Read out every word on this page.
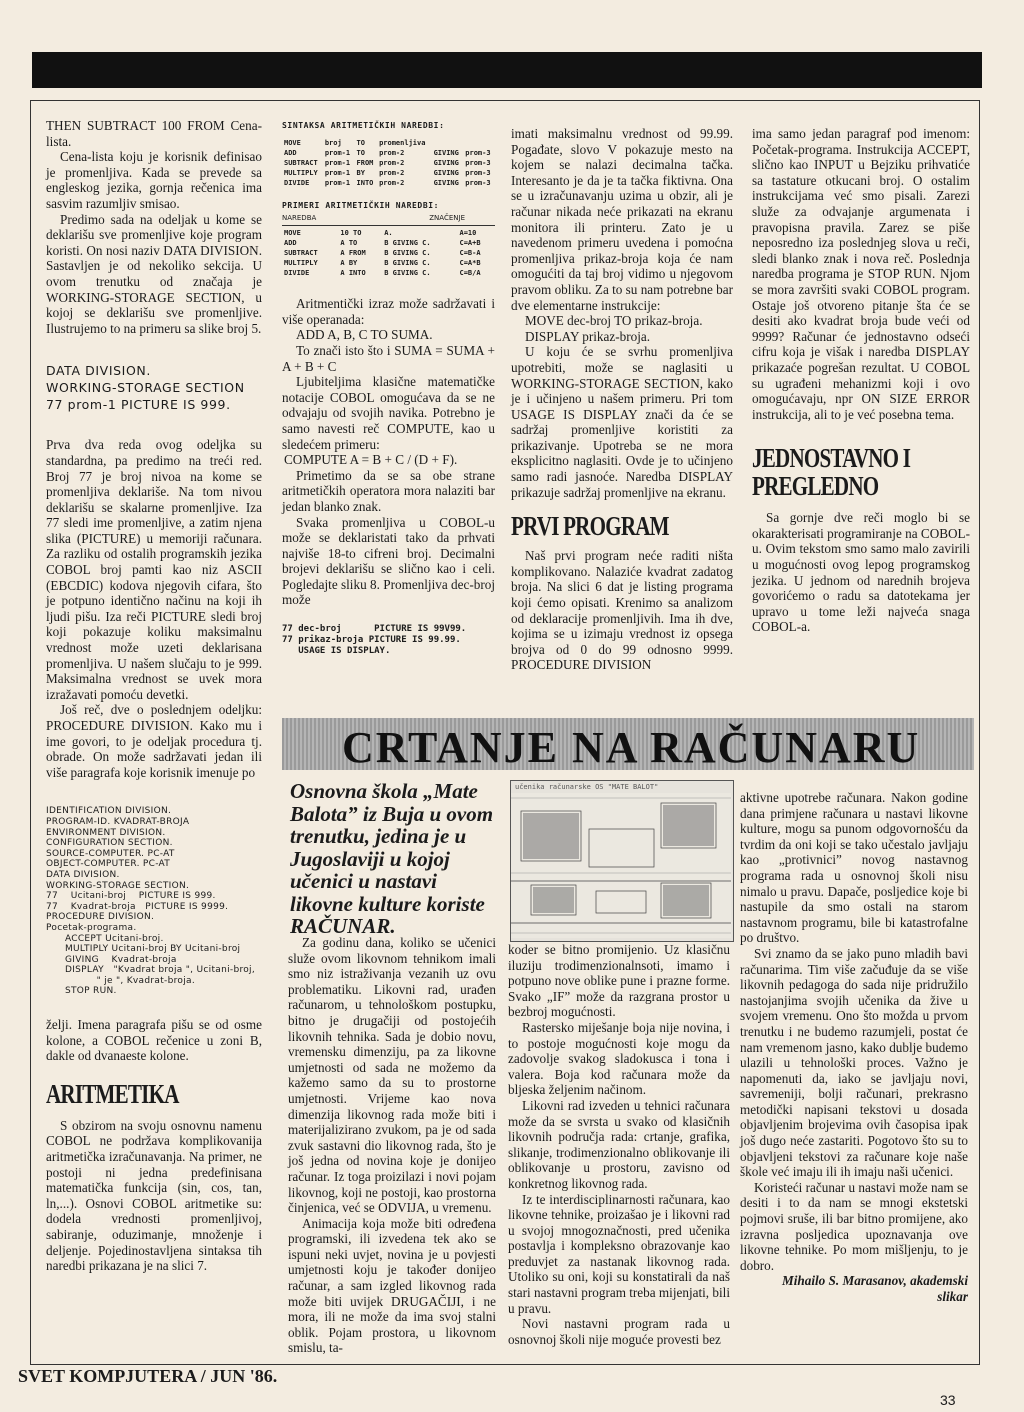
THEN SUBTRACT 100 FROM Cena-lista.

Cena-lista koju je korisnik definisao je promenljiva. Kada se prevede sa engleskog jezika, gornja rečenica ima sasvim razumljiv smisao.

Predimo sada na odeljak u kome se deklarišu sve promenljive koje program koristi. On nosi naziv DATA DIVISION. Sastavljen je od nekoliko sekcija. U ovom trenutku od značaja je WORKING-STORAGE SECTION, u kojoj se deklarišu sve promenljive. Ilustrujemo to na primeru sa slike broj 5.

DATA DIVISION.
WORKING-STORAGE SECTION
77 prom-1 PICTURE IS 999.

Prva dva reda ovog odeljka su standardna, pa predimo na treći red. Broj 77 je broj nivoa na kome se promenljiva deklariše. Na tom nivou deklarišu se skalarne promenljive. Iza 77 sledi ime promenljive, a zatim njena slika (PICTURE) u memoriji računara. Za razliku od ostalih programskih jezika COBOL broj pamti kao niz ASCII (EBCDIC) kodova njegovih cifara, što je potpuno identično načinu na koji ih ljudi pišu. Iza reči PICTURE sledi broj koji pokazuje koliku maksimalnu vrednost može uzeti deklarisana promenljiva. U našem slučaju to je 999. Maksimalna vrednost se uvek mora izražavati pomoću devetki.

Još reč, dve o poslednjem odeljku: PROCEDURE DIVISION. Kako mu i ime govori, to je odeljak procedura tj. obrade. On može sadržavati jedan ili više paragrafa koje korisnik imenuje po

IDENTIFICATION DIVISION.
PROGRAM-ID. KVADRAT-BROJA
ENVIRONMENT DIVISION.
CONFIGURATION SECTION.
SOURCE-COMPUTER. PC-AT
OBJECT-COMPUTER. PC-AT
DATA DIVISION.
WORKING-STORAGE SECTION.
77    Ucitani-broj    PICTURE IS 999.
77    Kvadrat-broja   PICTURE IS 9999.
PROCEDURE DIVISION.
Pocetak-programa.
ACCEPT Ucitani-broj.
MULTIPLY Ucitani-broj BY Ucitani-broj
GIVING    Kvadrat-broja
DISPLAY   "Kvadrat broja ", Ucitani-broj,
" je ", Kvadrat-broja.
STOP RUN.

želji. Imena paragrafa pišu se od osme kolone, a COBOL rečenice u zoni B, dakle od dvanaeste kolone.

ARITMETIKA

S obzirom na svoju osnovnu namenu COBOL ne podržava komplikovanija aritmetička izračunavanja. Na primer, ne postoji ni jedna predefinisana matematička funkcija (sin, cos, tan, ln,...). Osnovi COBOL aritmetike su: dodela vrednosti promenljivoj, sabiranje, oduzimanje, množenje i deljenje. Pojedinostavljena sintaksa tih naredbi prikazana je na slici 7.

SINTAKSA ARITMETIČKIH NAREDBI:
MOVE	broj	TO	promenljiva		
ADD	prom-1	TO	prom-2	GIVING	prom-3
SUBTRACT	prom-1	FROM	prom-2	GIVING	prom-3
MULTIPLY	prom-1	BY	prom-2	GIVING	prom-3
DIVIDE	prom-1	INTO	prom-2	GIVING	prom-3
PRIMERI ARITMETIČKIH NAREDBI:
NAREDBA	ZNAČENJE
MOVE	10 TO	A.	A=10
ADD	A TO	B GIVING C.	C=A+B
SUBTRACT	A FROM	B GIVING C.	C=B-A
MULTIPLY	A BY	B GIVING C.	C=A*B
DIVIDE	A INTO	B GIVING C.	C=B/A

Aritmentički izraz može sadržavati i više operanada:

ADD A, B, C TO SUMA.

To znači isto što i SUMA = SUMA + A + B + C

Ljubiteljima klasične matematičke notacije COBOL omogućava da se ne odvajaju od svojih navika. Potrebno je samo navesti reč COMPUTE, kao u sledećem primeru:

COMPUTE A = B + C / (D + F).

Primetimo da se sa obe strane aritmetičkih operatora mora nalaziti bar jedan blanko znak.

Svaka promenljiva u COBOL-u može se deklaristati tako da prhvati najviše 18-to cifreni broj. Decimalni brojevi deklarišu se slično kao i celi. Pogledajte sliku 8. Promenljiva dec-broj može

77 dec-broj      PICTURE IS 99V99.
77 prikaz-broja PICTURE IS 99.99.
USAGE IS DISPLAY.

imati maksimalnu vrednost od 99.99. Pogađate, slovo V pokazuje mesto na kojem se nalazi decimalna tačka. Interesanto je da je ta tačka fiktivna. Ona se u izračunavanju uzima u obzir, ali je računar nikada neće prikazati na ekranu monitora ili printeru. Zato je u navedenom primeru uvedena i pomoćna promenljiva prikaz-broja koja će nam omogućiti da taj broj vidimo u njegovom pravom obliku. Za to su nam potrebne bar dve elementarne instrukcije:

MOVE dec-broj TO prikaz-broja.

DISPLAY prikaz-broja.

U koju će se svrhu promenljiva upotrebiti, može se naglasiti u WORKING-STORAGE SECTION, kako je i učinjeno u našem primeru. Pri tom USAGE IS DISPLAY znači da će se sadržaj promenljive koristiti za prikazivanje. Upotreba se ne mora eksplicitno naglasiti. Ovde je to učinjeno samo radi jasnoće. Naredba DISPLAY prikazuje sadržaj promenljive na ekranu.

PRVI PROGRAM

Naš prvi program neće raditi ništa komplikovano. Nalaziće kvadrat zadatog broja. Na slici 6 dat je listing programa koji ćemo opisati. Krenimo sa analizom od deklaracije promenljivih. Ima ih dve, kojima se u izimaju vrednost iz opsega brojva od 0 do 99 odnosno 9999. PROCEDURE DIVISION

ima samo jedan paragraf pod imenom: Početak-programa. Instrukcija ACCEPT, slično kao INPUT u Bejziku prihvatiće sa tastature otkucani broj. O ostalim instrukcijama već smo pisali. Zarezi služe za odvajanje argumenata i pravopisna pravila. Zarez se piše neposredno iza poslednjeg slova u reči, sledi blanko znak i nova reč. Poslednja naredba programa je STOP RUN. Njom se mora završiti svaki COBOL program. Ostaje još otvoreno pitanje šta će se desiti ako kvadrat broja bude veći od 9999? Računar će jednostavno odseći cifru koja je višak i naredba DISPLAY prikazaće pogrešan rezultat. U COBOL su ugrađeni mehanizmi koji i ovo omogućavaju, npr ON SIZE ERROR instrukcija, ali to je već posebna tema.

JEDNOSTAVNO I
PREGLEDNO

Sa gornje dve reči moglo bi se okarakterisati programiranje na COBOL-u. Ovim tekstom smo samo malo zavirili u mogućnosti ovog lepog programskog jezika. U jednom od narednih brojeva govorićemo o radu sa datotekama jer upravo u tome leži najveća snaga COBOL-a.

CRTANJE NA RAČUNARU
Osnovna škola „Mate Balota” iz Buja u ovom trenutku, jedina je u Jugoslaviji u kojoj učenici u nastavi likovne kulture koriste RAČUNAR.
učenika računarske OS "MATE BALOT"

Za godinu dana, koliko se učenici služe ovom likovnom tehnikom imali smo niz istraživanja vezanih uz ovu problematiku. Likovni rad, urađen računarom, u tehnološkom postupku, bitno je drugačiji od postojećih likovnih tehnika. Sada je dobio novu, vremensku dimenziju, pa za likovne umjetnosti od sada ne možemo da kažemo samo da su to prostorne umjetnosti. Vrijeme kao nova dimenzija likovnog rada može biti i materijalizirano zvukom, pa je od sada zvuk sastavni dio likovnog rada, što je još jedna od novina koje je donijeo računar. Iz toga proizilazi i novi pojam likovnog, koji ne postoji, kao prostorna činjenica, već se ODVIJA, u vremenu.

Animacija koja može biti određena programski, ili izvedena tek ako se ispuni neki uvjet, novina je u povjesti umjetnosti koju je također donijeo računar, a sam izgled likovnog rada može biti uvijek DRUGAČIJI, i ne mora, ili ne može da ima svoj stalni oblik. Pojam prostora, u likovnom smislu, ta-

koder se bitno promijenio. Uz klasičnu iluziju trodimenzionalnsoti, imamo i potpuno nove oblike pune i prazne forme. Svako „IF” može da razgrana prostor u bezbroj mogućnosti.

Rastersko miješanje boja nije novina, i to postoje mogućnosti koje mogu da zadovolje svakog sladokusca i tona i valera. Boja kod računara može da bljeska željenim načinom.

Likovni rad izveden u tehnici računara može da se svrsta u svako od klasičnih likovnih područja rada: crtanje, grafika, slikanje, trodimenzionalno oblikovanje ili oblikovanje u prostoru, zavisno od konkretnog likovnog rada.

Iz te interdisciplinarnosti računara, kao likovne tehnike, proizašao je i likovni rad u svojoj mnogoznačnosti, pred učenika postavlja i kompleksno obrazovanje kao preduvjet za nastanak likovnog rada. Utoliko su oni, koji su konstatirali da naš stari nastavni program treba mijenjati, bili u pravu.

Novi nastavni program rada u osnovnoj školi nije moguće provesti bez

aktivne upotrebe računara. Nakon godine dana primjene računara u nastavi likovne kulture, mogu sa punom odgovornošću da tvrdim da oni koji se tako učestalo javljaju kao „protivnici” novog nastavnog programa rada u osnovnoj školi nisu nimalo u pravu. Dapače, posljedice koje bi nastupile da smo ostali na starom nastavnom programu, bile bi katastrofalne po društvo.

Svi znamo da se jako puno mladih bavi računarima. Tim više začuđuje da se više likovnih pedagoga do sada nije pridružilo nastojanjima svojih učenika da žive u svojem vremenu. Ono što možda u prvom trenutku i ne budemo razumjeli, postat će nam vremenom jasno, kako dublje budemo ulazili u tehnološki proces. Važno je napomenuti da, iako se javljaju novi, savremeniji, bolji računari, prekrasno metodički napisani tekstovi u dosada objavljenim brojevima ovih časopisa ipak još dugo neće zastariti. Pogotovo što su to objavljeni tekstovi za računare koje naše škole već imaju ili ih imaju naši učenici.

Koristeći računar u nastavi može nam se desiti i to da nam se mnogi ekstetski pojmovi sruše, ili bar bitno promijene, ako izravna posljedica upoznavanja ove likovne tehnike. Po mom mišljenju, to je dobro.

Mihailo S. Marasanov, akademski slikar

SVET KOMPJUTERA / JUN '86.
33
